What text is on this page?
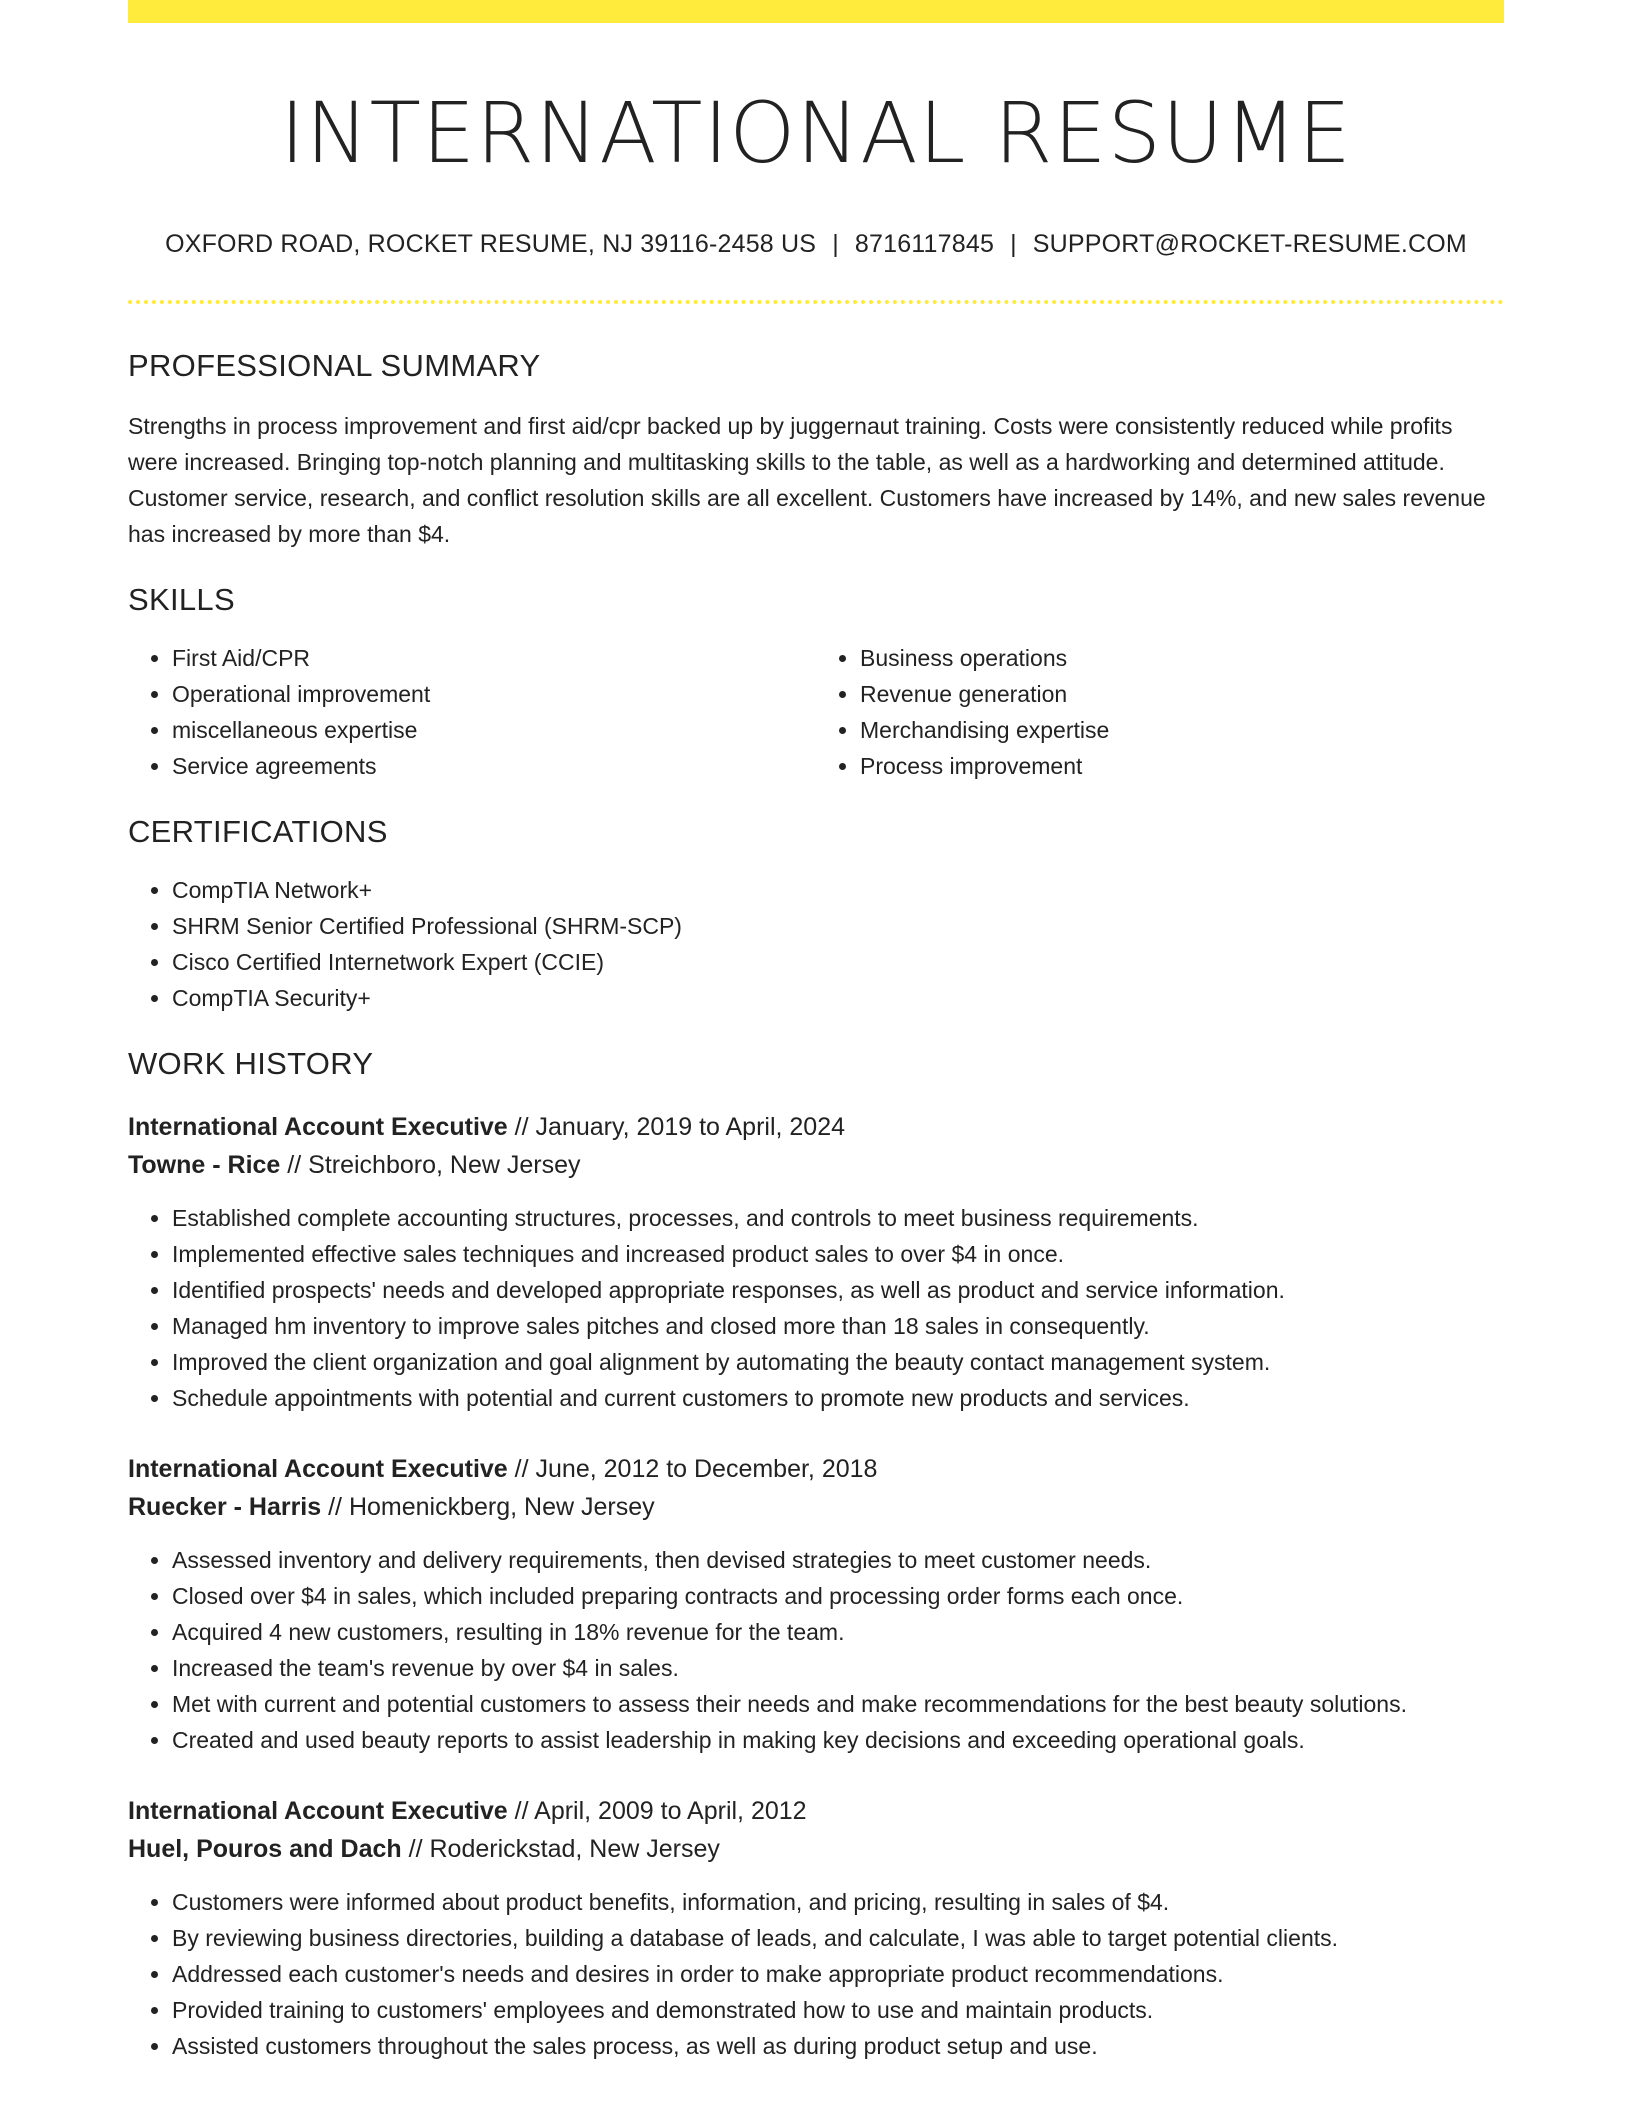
INTERNATIONAL RESUME
OXFORD ROAD, ROCKET RESUME, NJ 39116-2458 US | 8716117845 | SUPPORT@ROCKET-RESUME.COM
PROFESSIONAL SUMMARY

Strengths in process improvement and first aid/cpr backed up by juggernaut training. Costs were consistently reduced while profits were increased. Bringing top-notch planning and multitasking skills to the table, as well as a hardworking and determined attitude. Customer service, research, and conflict resolution skills are all excellent. Customers have increased by 14%, and new sales revenue has increased by more than $4.

SKILLS
• First Aid/CPR
• Operational improvement
• miscellaneous expertise
• Service agreements
• Business operations
• Revenue generation
• Merchandising expertise
• Process improvement
CERTIFICATIONS
• CompTIA Network+
• SHRM Senior Certified Professional (SHRM-SCP)
• Cisco Certified Internetwork Expert (CCIE)
• CompTIA Security+
WORK HISTORY
International Account Executive // January, 2019 to April, 2024
Towne - Rice // Streichboro, New Jersey
• Established complete accounting structures, processes, and controls to meet business requirements.
• Implemented effective sales techniques and increased product sales to over $4 in once.
• Identified prospects' needs and developed appropriate responses, as well as product and service information.
• Managed hm inventory to improve sales pitches and closed more than 18 sales in consequently.
• Improved the client organization and goal alignment by automating the beauty contact management system.
• Schedule appointments with potential and current customers to promote new products and services.
International Account Executive // June, 2012 to December, 2018
Ruecker - Harris // Homenickberg, New Jersey
• Assessed inventory and delivery requirements, then devised strategies to meet customer needs.
• Closed over $4 in sales, which included preparing contracts and processing order forms each once.
• Acquired 4 new customers, resulting in 18% revenue for the team.
• Increased the team's revenue by over $4 in sales.
• Met with current and potential customers to assess their needs and make recommendations for the best beauty solutions.
• Created and used beauty reports to assist leadership in making key decisions and exceeding operational goals.
International Account Executive // April, 2009 to April, 2012
Huel, Pouros and Dach // Roderickstad, New Jersey
• Customers were informed about product benefits, information, and pricing, resulting in sales of $4.
• By reviewing business directories, building a database of leads, and calculate, I was able to target potential clients.
• Addressed each customer's needs and desires in order to make appropriate product recommendations.
• Provided training to customers' employees and demonstrated how to use and maintain products.
• Assisted customers throughout the sales process, as well as during product setup and use.
